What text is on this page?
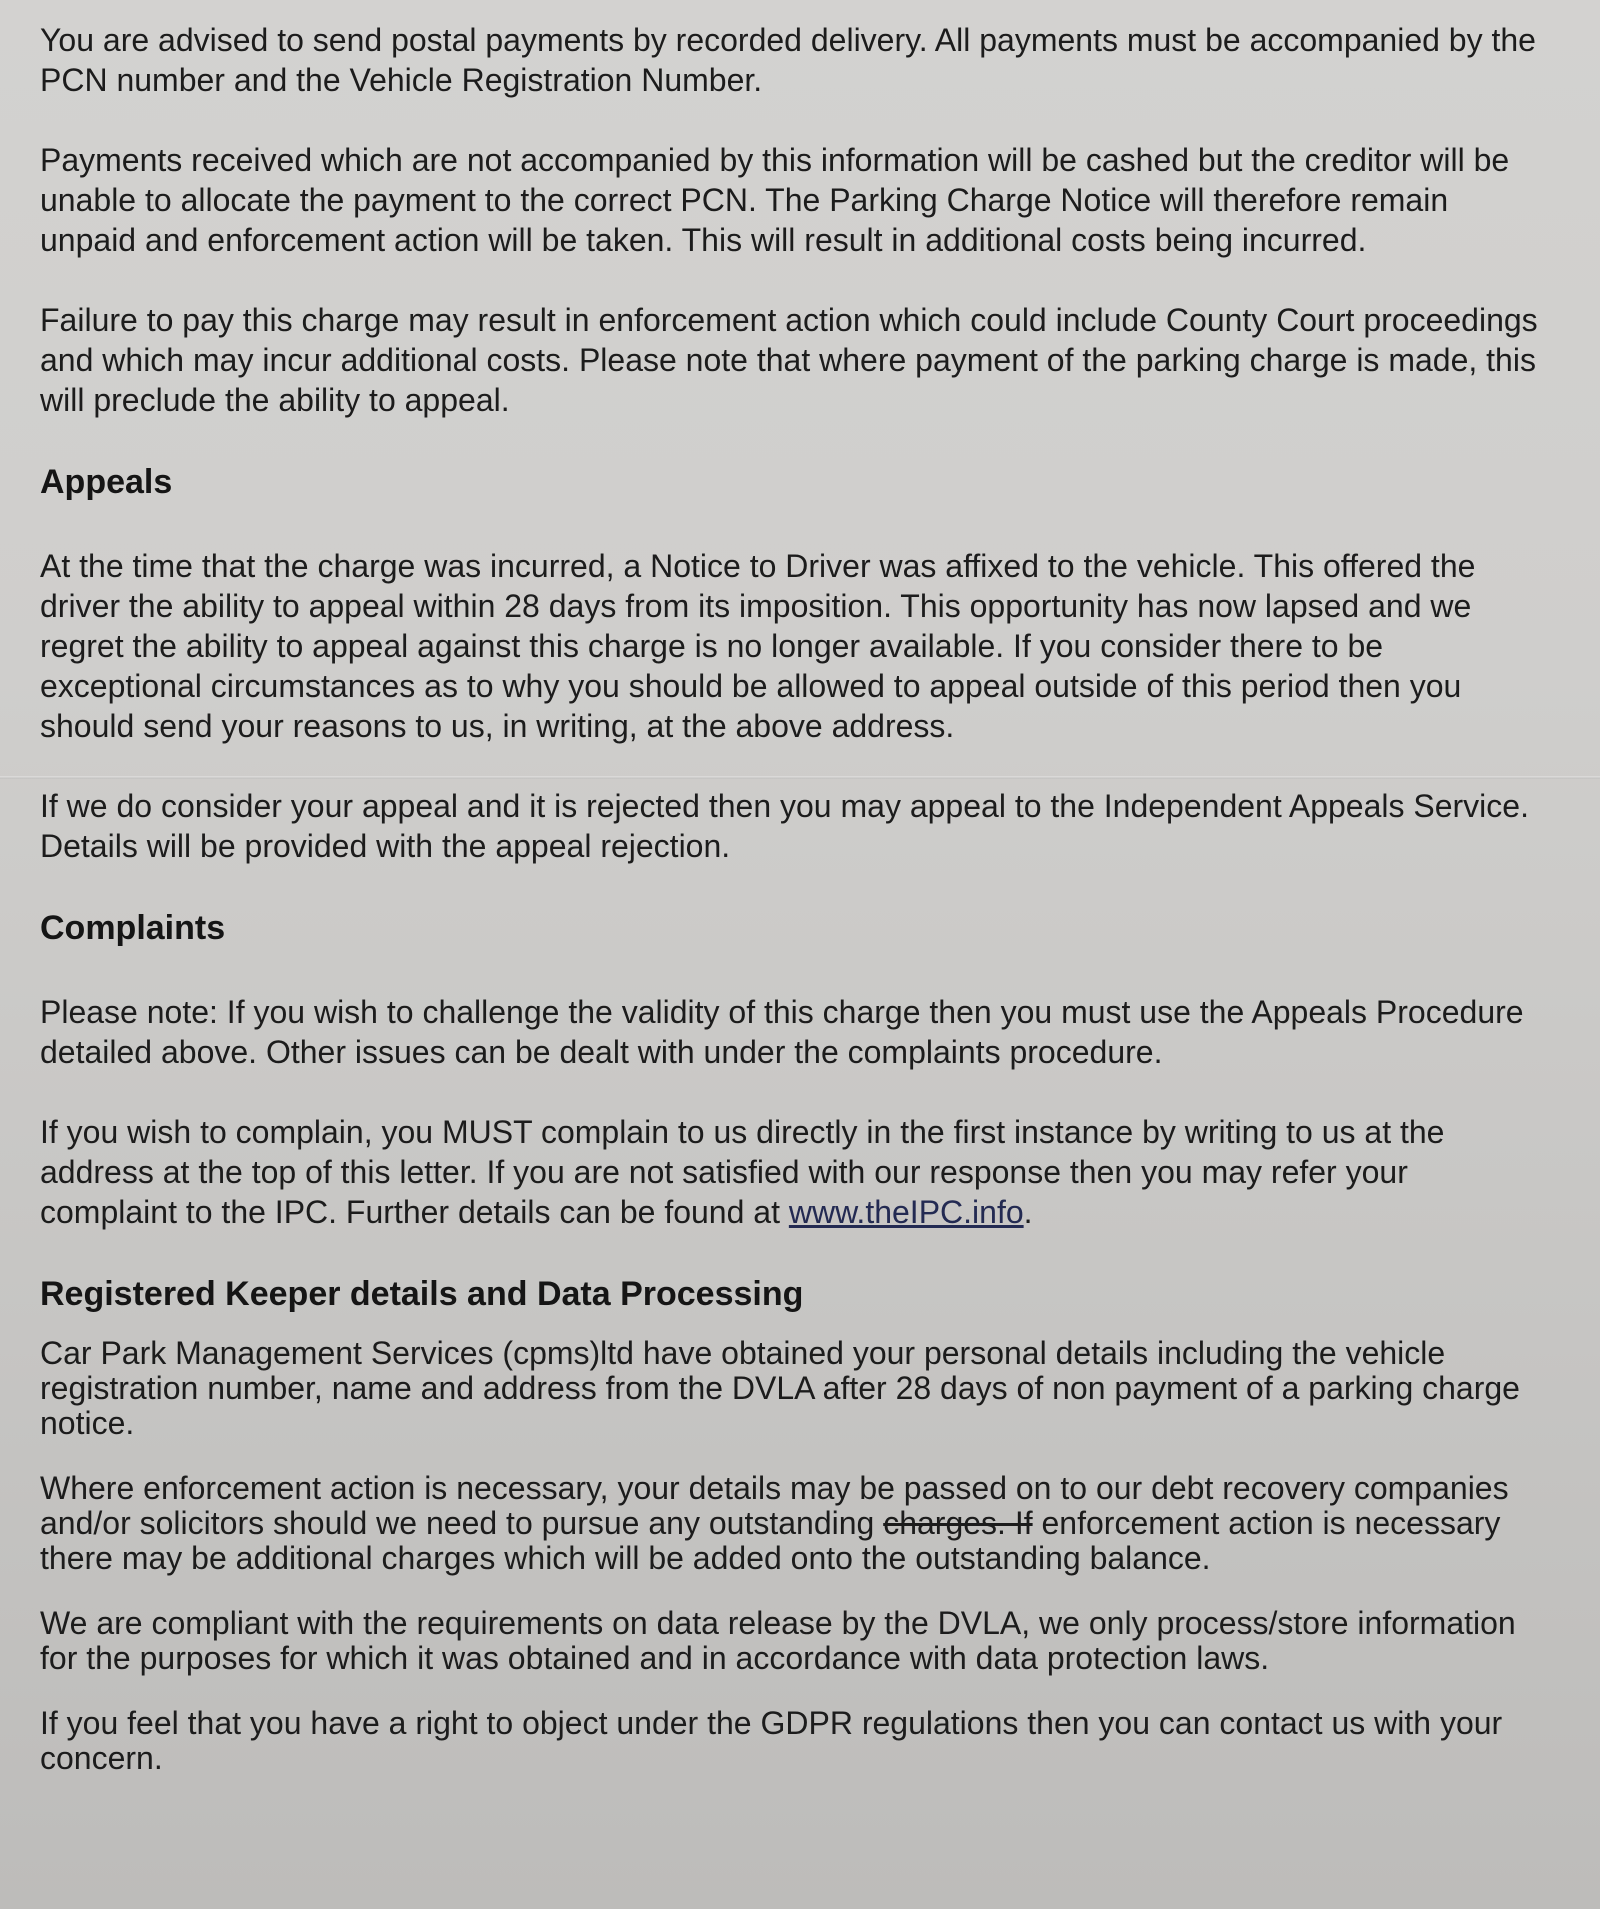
You are advised to send postal payments by recorded delivery. All payments must be accompanied by the PCN number and the Vehicle Registration Number.

Payments received which are not accompanied by this information will be cashed but the creditor will be unable to allocate the payment to the correct PCN. The Parking Charge Notice will therefore remain unpaid and enforcement action will be taken. This will result in additional costs being incurred.

Failure to pay this charge may result in enforcement action which could include County Court proceedings and which may incur additional costs. Please note that where payment of the parking charge is made, this will preclude the ability to appeal.

Appeals

At the time that the charge was incurred, a Notice to Driver was affixed to the vehicle. This offered the driver the ability to appeal within 28 days from its imposition. This opportunity has now lapsed and we regret the ability to appeal against this charge is no longer available. If you consider there to be exceptional circumstances as to why you should be allowed to appeal outside of this period then you should send your reasons to us, in writing, at the above address.

If we do consider your appeal and it is rejected then you may appeal to the Independent Appeals Service. Details will be provided with the appeal rejection.

Complaints

Please note: If you wish to challenge the validity of this charge then you must use the Appeals Procedure detailed above. Other issues can be dealt with under the complaints procedure.

If you wish to complain, you MUST complain to us directly in the first instance by writing to us at the address at the top of this letter. If you are not satisfied with our response then you may refer your complaint to the IPC. Further details can be found at www.theIPC.info.

Registered Keeper details and Data Processing

Car Park Management Services (cpms)ltd have obtained your personal details including the vehicle registration number, name and address from the DVLA after 28 days of non payment of a parking charge notice.

Where enforcement action is necessary, your details may be passed on to our debt recovery companies and/or solicitors should we need to pursue any outstanding charges. If enforcement action is necessary there may be additional charges which will be added onto the outstanding balance.

We are compliant with the requirements on data release by the DVLA, we only process/store information for the purposes for which it was obtained and in accordance with data protection laws.

If you feel that you have a right to object under the GDPR regulations then you can contact us with your concern.
